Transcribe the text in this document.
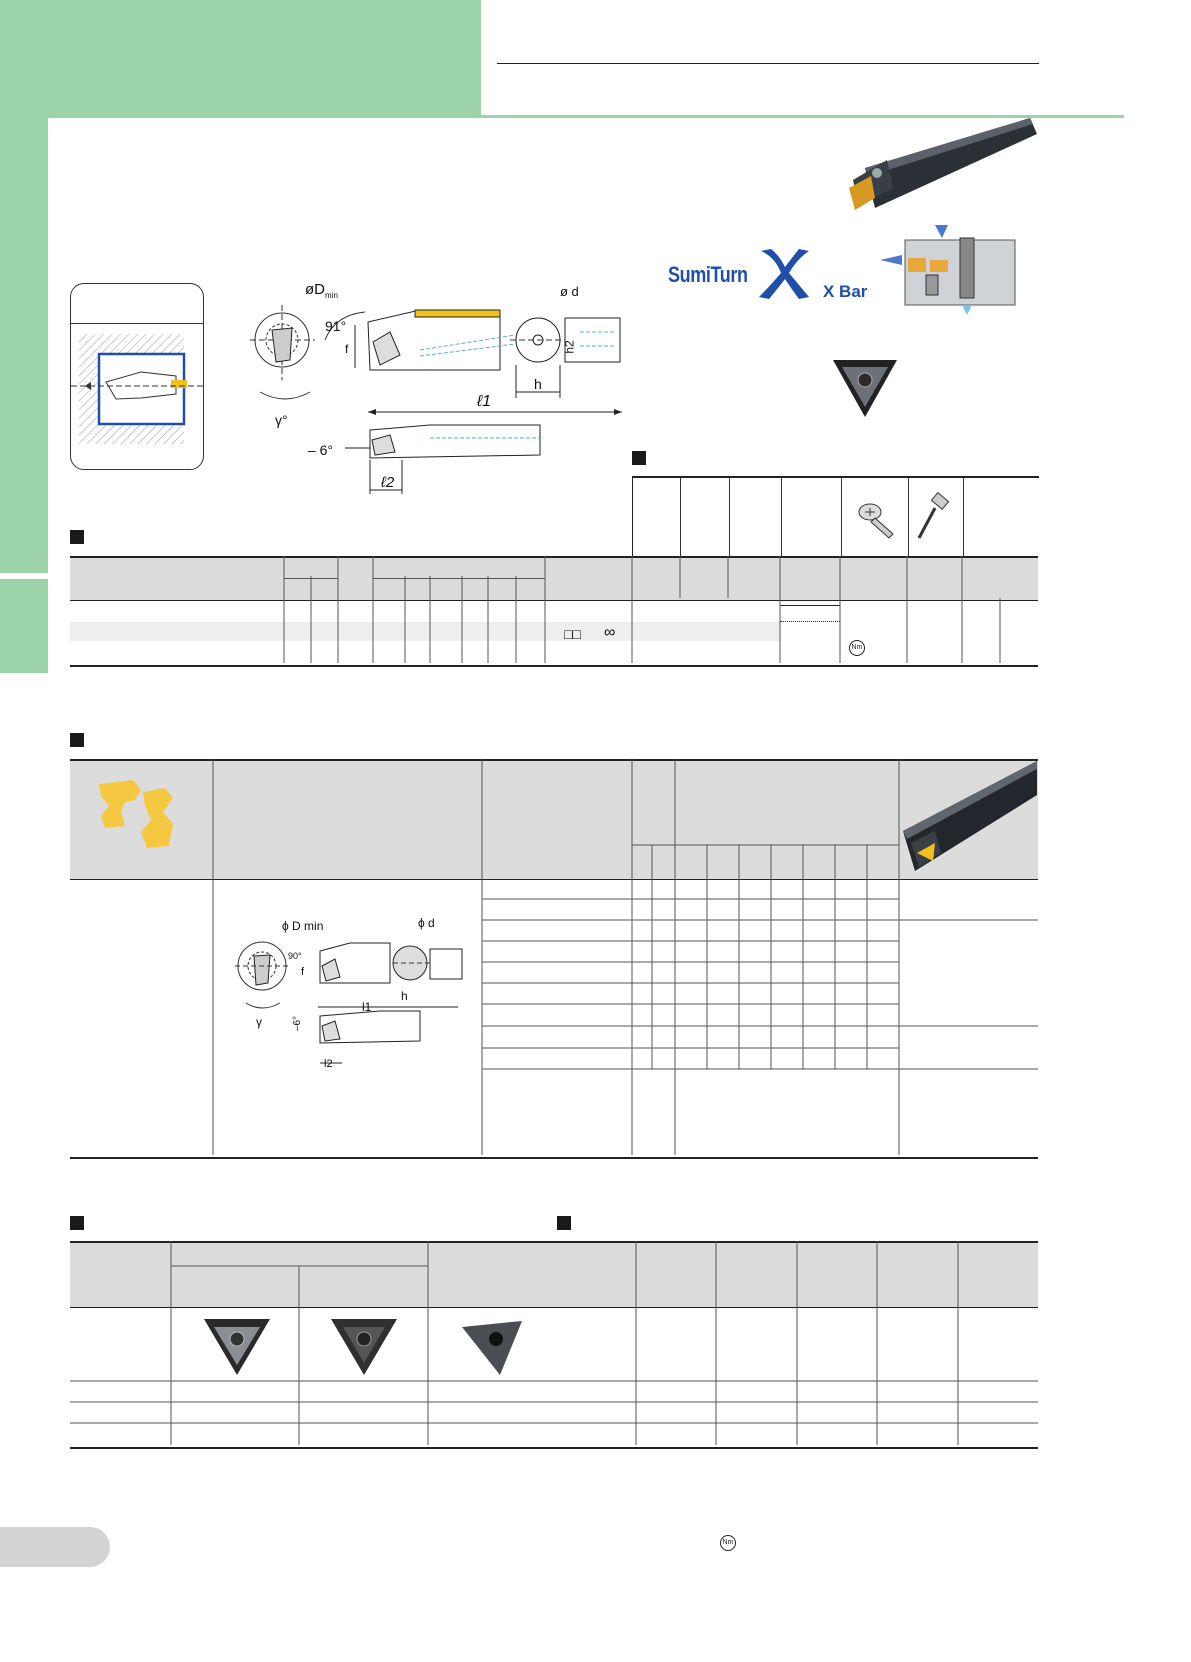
SumiTurn
X Bar
$øD_{min}$
91°
f
γ°
ø d
h2
h
ℓ1
– 6°
ℓ2
□□ ∞
Nm
ϕ D min	ϕ d
90°
f
h
l1
γ	–6°
l2
Nm
